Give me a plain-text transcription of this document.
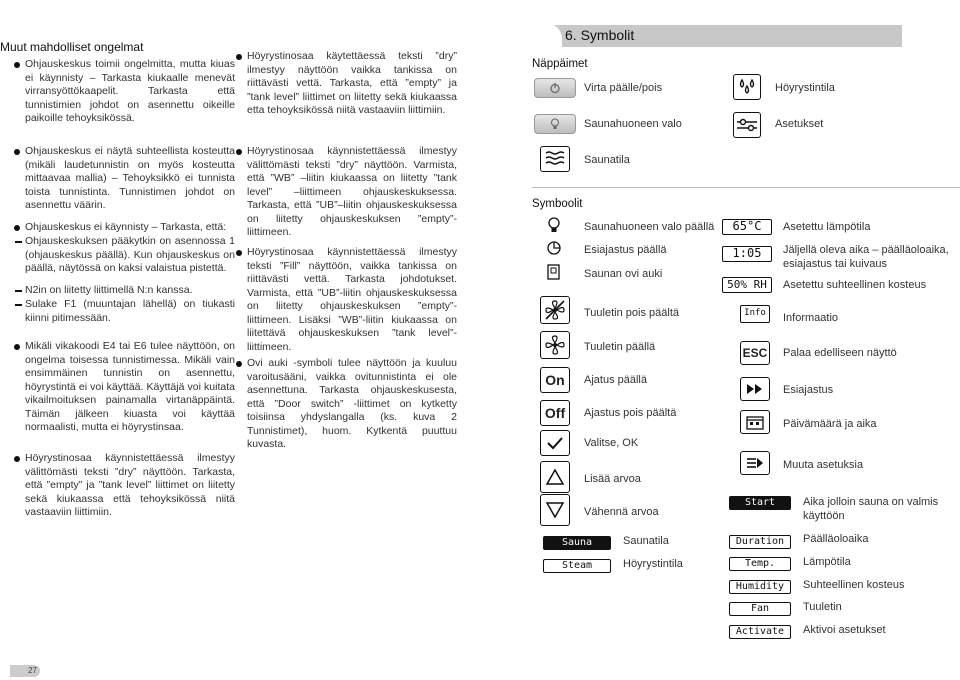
Muut mahdolliset ongelmat

Ohjauskeskus toimii ongelmitta, mutta kiuas ei käynnisty – Tarkasta kiukaalle menevät virransyöttökaapelit. Tarkasta että tunnistimien johdot on asennettu oikeille paikoille tehoyksikössä.

Ohjauskeskus ei näytä suhteellista kosteutta (mikäli laudetunnistin on myös kosteutta mittaavaa mallia) – Tehoyksikkö ei tunnista toista tunnistinta. Tunnistimen johdot on asennettu väärin.

Ohjauskeskus ei käynnisty – Tarkasta, että:

Ohjauskeskuksen pääkytkin on asennossa 1 (ohjauskeskus päällä). Kun ohjauskeskus on päällä, näytössä on kaksi valaistua pistettä.

N2in on liitetty liittimellä N:n kanssa.

Sulake F1 (muuntajan lähellä) on tiukasti kiinni pitimessään.

Mikäli vikakoodi E4 tai E6 tulee näyttöön, on ongelma toisessa tunnistimessa. Mikäli vain ensimmäinen tunnistin on asennettu, höyrystintä ei voi käyttää. Käyttäjä voi kuitata vikailmoituksen painamalla virtanäppäintä. Täimän jälkeen kiuasta voi käyttää normaalisti, mutta ei höyrystinsaa.

Höyrystinosaa käynnistettäessä ilmestyy välittömästi teksti ”dry” näyttöön. Tarkasta, että ”empty” ja ”tank level” liittimet on liitetty sekä kiukaassa että tehoyksikössä niitä vastaaviin liittimiin.

Höyrystinosaa käytettäessä teksti ”dry” ilmestyy näyttöön vaikka tankissa on riittävästi vettä. Tarkasta, että ”empty” ja ”tank level” liittimet on liitetty sekä kiukaassa etta tehoyksikössä niitä vastaaviin liittimiin.

Höyrystinosaa käynnistettäessä ilmestyy välittömästi teksti ”dry” näyttöön. Varmista, että ”WB” –liitin kiukaassa on liitetty ”tank level” –liittimeen ohjauskeskuksessa. Tarkasta, että ”UB”–liitin ohjauskeskuksessa on liitetty ohjauskeskuksen ”empty”- liittimeen.

Höyrystinosaa käynnistettäessä ilmestyy teksti ”Fill” näyttöön, vaikka tankissa on riittävästi vettä. Tarkasta johdotukset. Varmista, että ”UB”-liitin ohjauskeskuksessa on liitetty ohjauskeskuksen ”empty”-liittimeen. Lisäksi ”WB”-liitin kiukaassa on liitettävä ohjauskeskuksen ”tank level”-liittimeen.

Ovi auki -symboli tulee näyttöön ja kuuluu varoitusääni, vaikka ovitunnistinta ei ole asennettuna. Tarkasta ohjauskeskusesta, että ”Door switch” -liittimet on kytketty toisiinsa yhdyslangalla (ks. kuva 2 Tunnistimet), huom. Kytkentä puuttuu kuvasta.

27
6. Symbolit
Näppäimet
Virta päälle/pois
Saunahuoneen valo
Höyrystintila
Asetukset
Saunatila
Symboolit
Saunahuoneen valo päällä
Esiajastus päällä
Saunan ovi auki
Tuuletin pois päältä
Tuuletin päällä
On	Ajatus päällä
Off	Ajastus pois päältä
Valitse, OK
Lisää arvoa
Vähennä arvoa
Sauna	Saunatila
Steam	Höyrystintila
65°C	Asetettu lämpötila
1:05	Jäljellä oleva aika – päälläoloaika, esiajastus tai kuivaus
50% RH	Asetettu suhteellinen kosteus
Info	Informaatio
ESC Palaa edelliseen näyttö
Esiajastus
Päivämäärä ja aika
Muuta asetuksia
Start	Aika jolloin sauna on valmis käyttöön
Duration	Päälläoloaika
Temp.	Lämpötila
Humidity	Suhteellinen kosteus
Fan	Tuuletin
Activate	Aktivoi asetukset
